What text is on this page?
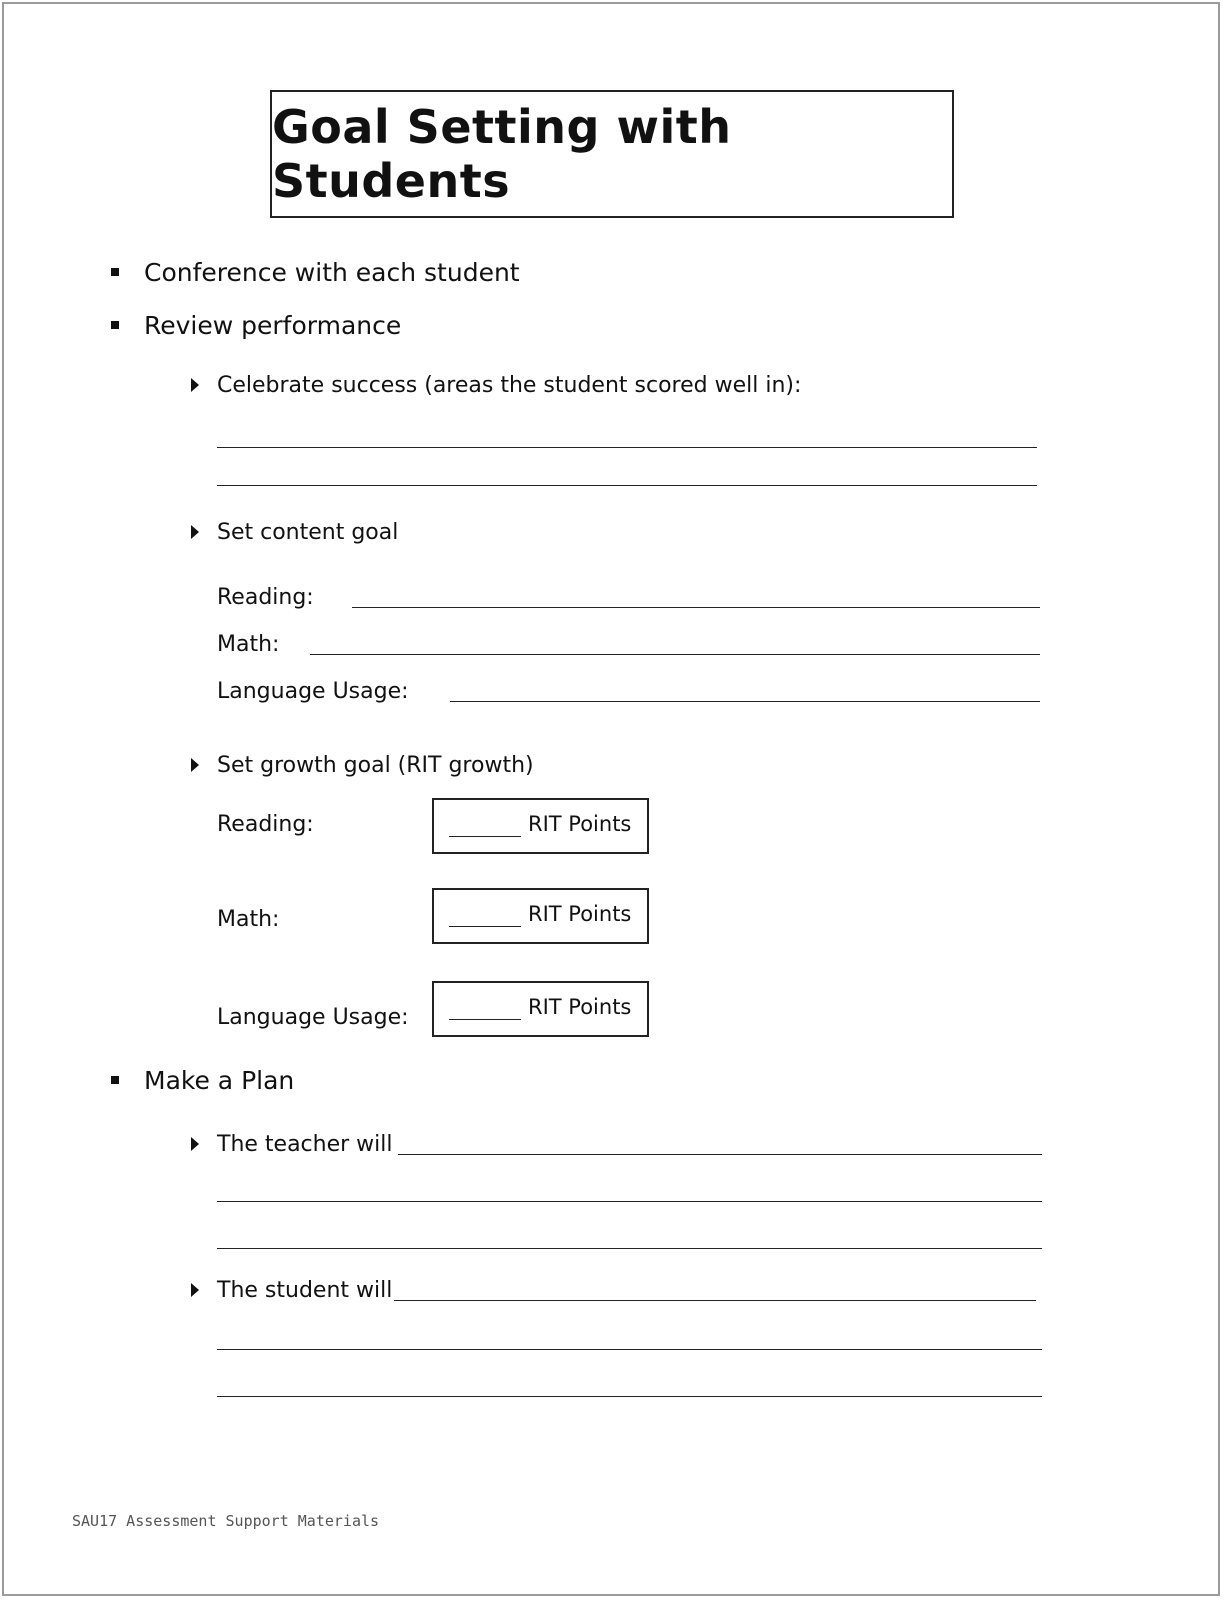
Goal Setting with Students
Conference with each student
Review performance
Celebrate success (areas the student scored well in):
Set content goal
Reading:
Math:
Language Usage:
Set growth goal (RIT growth)
Reading:	RIT Points
Math:	RIT Points
Language Usage:	RIT Points
Make a Plan
The teacher will
The student will
SAU17 Assessment Support Materials
